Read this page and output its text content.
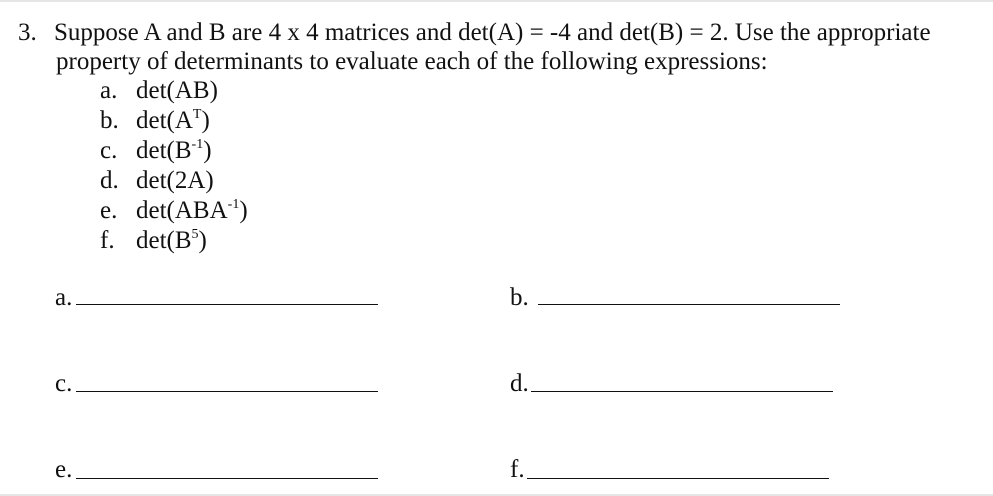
3. Suppose A and B are 4 x 4 matrices and det(A) = -4 and det(B) = 2. Use the appropriate
property of determinants to evaluate each of the following expressions:
a. det(AB)
b. $\det(A^T)$
c. $\det(B^{-1})$
d. det(2A)
e. $\det(ABA^{-1})$
f. $\det(B^5)$
a.	b.
c.	d.
e.	f.
